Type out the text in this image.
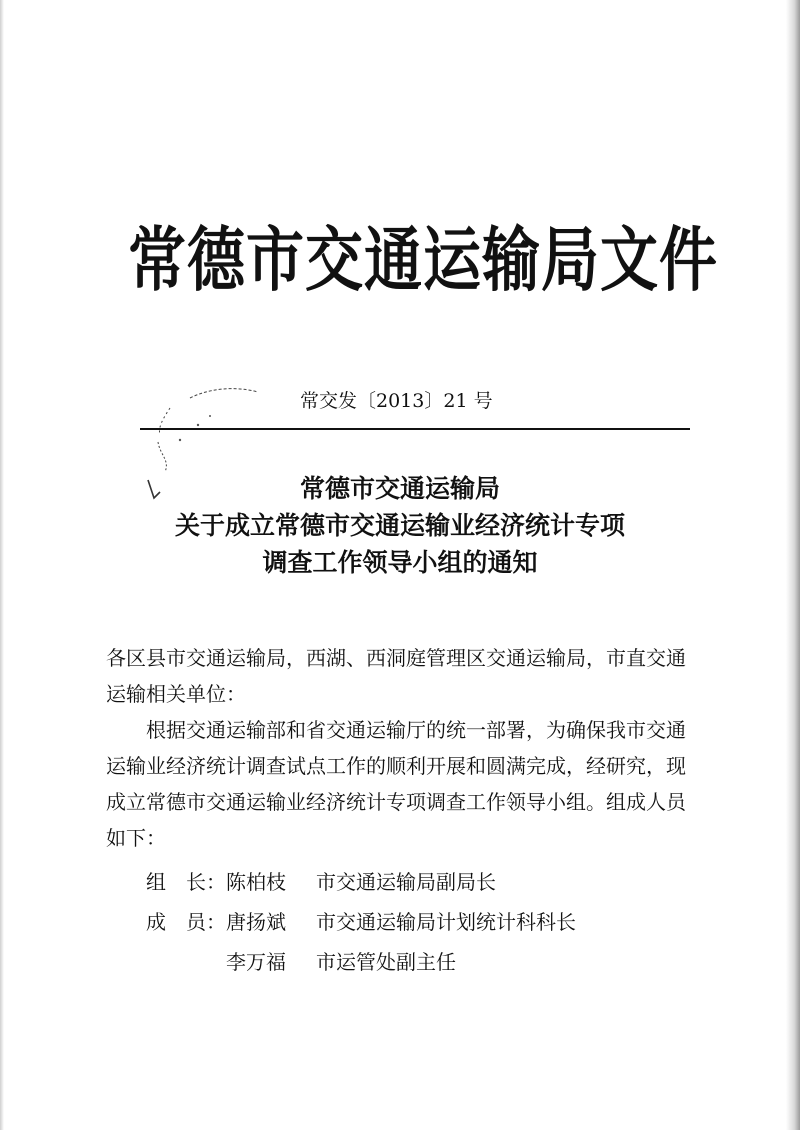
常德市交通运输局文件
常交发〔2013〕21 号
常德市交通运输局
关于成立常德市交通运输业经济统计专项
调查工作领导小组的通知

各区县市交通运输局，西湖、西洞庭管理区交通运输局，市直交通运输相关单位：

根据交通运输部和省交通运输厅的统一部署，为确保我市交通运输业经济统计调查试点工作的顺利开展和圆满完成，经研究，现成立常德市交通运输业经济统计专项调查工作领导小组。组成人员如下：

组　长： 陈柏枝	市交通运输局副局长
成　员： 唐扬斌	市交通运输局计划统计科科长
李万福	市运管处副主任
